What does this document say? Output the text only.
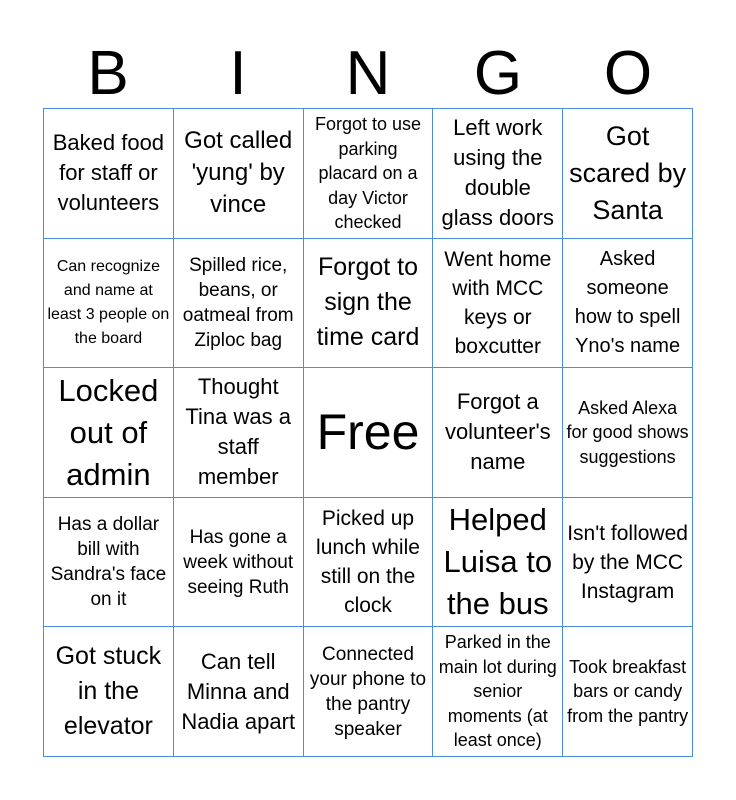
B	I	N	G	O
Baked food for staff or volunteers
Got called 'yung' by vince
Forgot to use parking placard on a day Victor checked
Left work using the double glass doors
Got scared by Santa
Can recognize and name at least 3 people on the board
Spilled rice, beans, or oatmeal from Ziploc bag
Forgot to sign the time card
Went home with MCC keys or boxcutter
Asked someone how to spell Yno's name
Locked out of admin
Thought Tina was a staff member
Free
Forgot a volunteer's name
Asked Alexa for good shows suggestions
Has a dollar bill with Sandra's face on it
Has gone a week without seeing Ruth
Picked up lunch while still on the clock
Helped Luisa to the bus
Isn't followed by the MCC Instagram
Got stuck in the elevator
Can tell Minna and Nadia apart
Connected your phone to the pantry speaker
Parked in the main lot during senior moments (at least once)
Took breakfast bars or candy from the pantry
